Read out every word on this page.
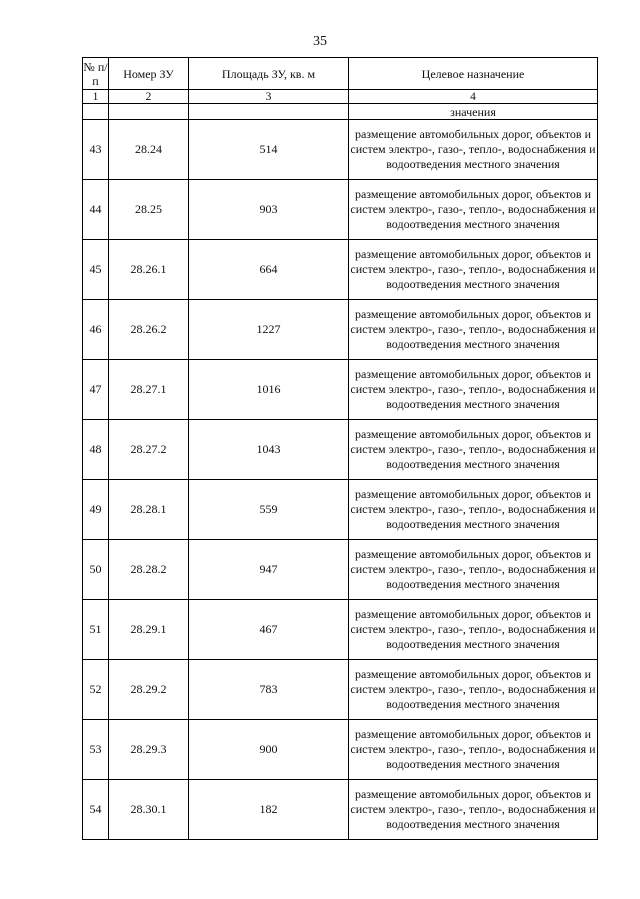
35
№ п/п	Номер ЗУ	Площадь ЗУ, кв. м	Целевое назначение
1	2	3	4
			значения
43	28.24	514	размещение автомобильных дорог, объектов и систем электро-, газо-, тепло-, водоснабжения и водоотведения местного значения
44	28.25	903	размещение автомобильных дорог, объектов и систем электро-, газо-, тепло-, водоснабжения и водоотведения местного значения
45	28.26.1	664	размещение автомобильных дорог, объектов и систем электро-, газо-, тепло-, водоснабжения и водоотведения местного значения
46	28.26.2	1227	размещение автомобильных дорог, объектов и систем электро-, газо-, тепло-, водоснабжения и водоотведения местного значения
47	28.27.1	1016	размещение автомобильных дорог, объектов и систем электро-, газо-, тепло-, водоснабжения и водоотведения местного значения
48	28.27.2	1043	размещение автомобильных дорог, объектов и систем электро-, газо-, тепло-, водоснабжения и водоотведения местного значения
49	28.28.1	559	размещение автомобильных дорог, объектов и систем электро-, газо-, тепло-, водоснабжения и водоотведения местного значения
50	28.28.2	947	размещение автомобильных дорог, объектов и систем электро-, газо-, тепло-, водоснабжения и водоотведения местного значения
51	28.29.1	467	размещение автомобильных дорог, объектов и систем электро-, газо-, тепло-, водоснабжения и водоотведения местного значения
52	28.29.2	783	размещение автомобильных дорог, объектов и систем электро-, газо-, тепло-, водоснабжения и водоотведения местного значения
53	28.29.3	900	размещение автомобильных дорог, объектов и систем электро-, газо-, тепло-, водоснабжения и водоотведения местного значения
54	28.30.1	182	размещение автомобильных дорог, объектов и систем электро-, газо-, тепло-, водоснабжения и водоотведения местного значения
